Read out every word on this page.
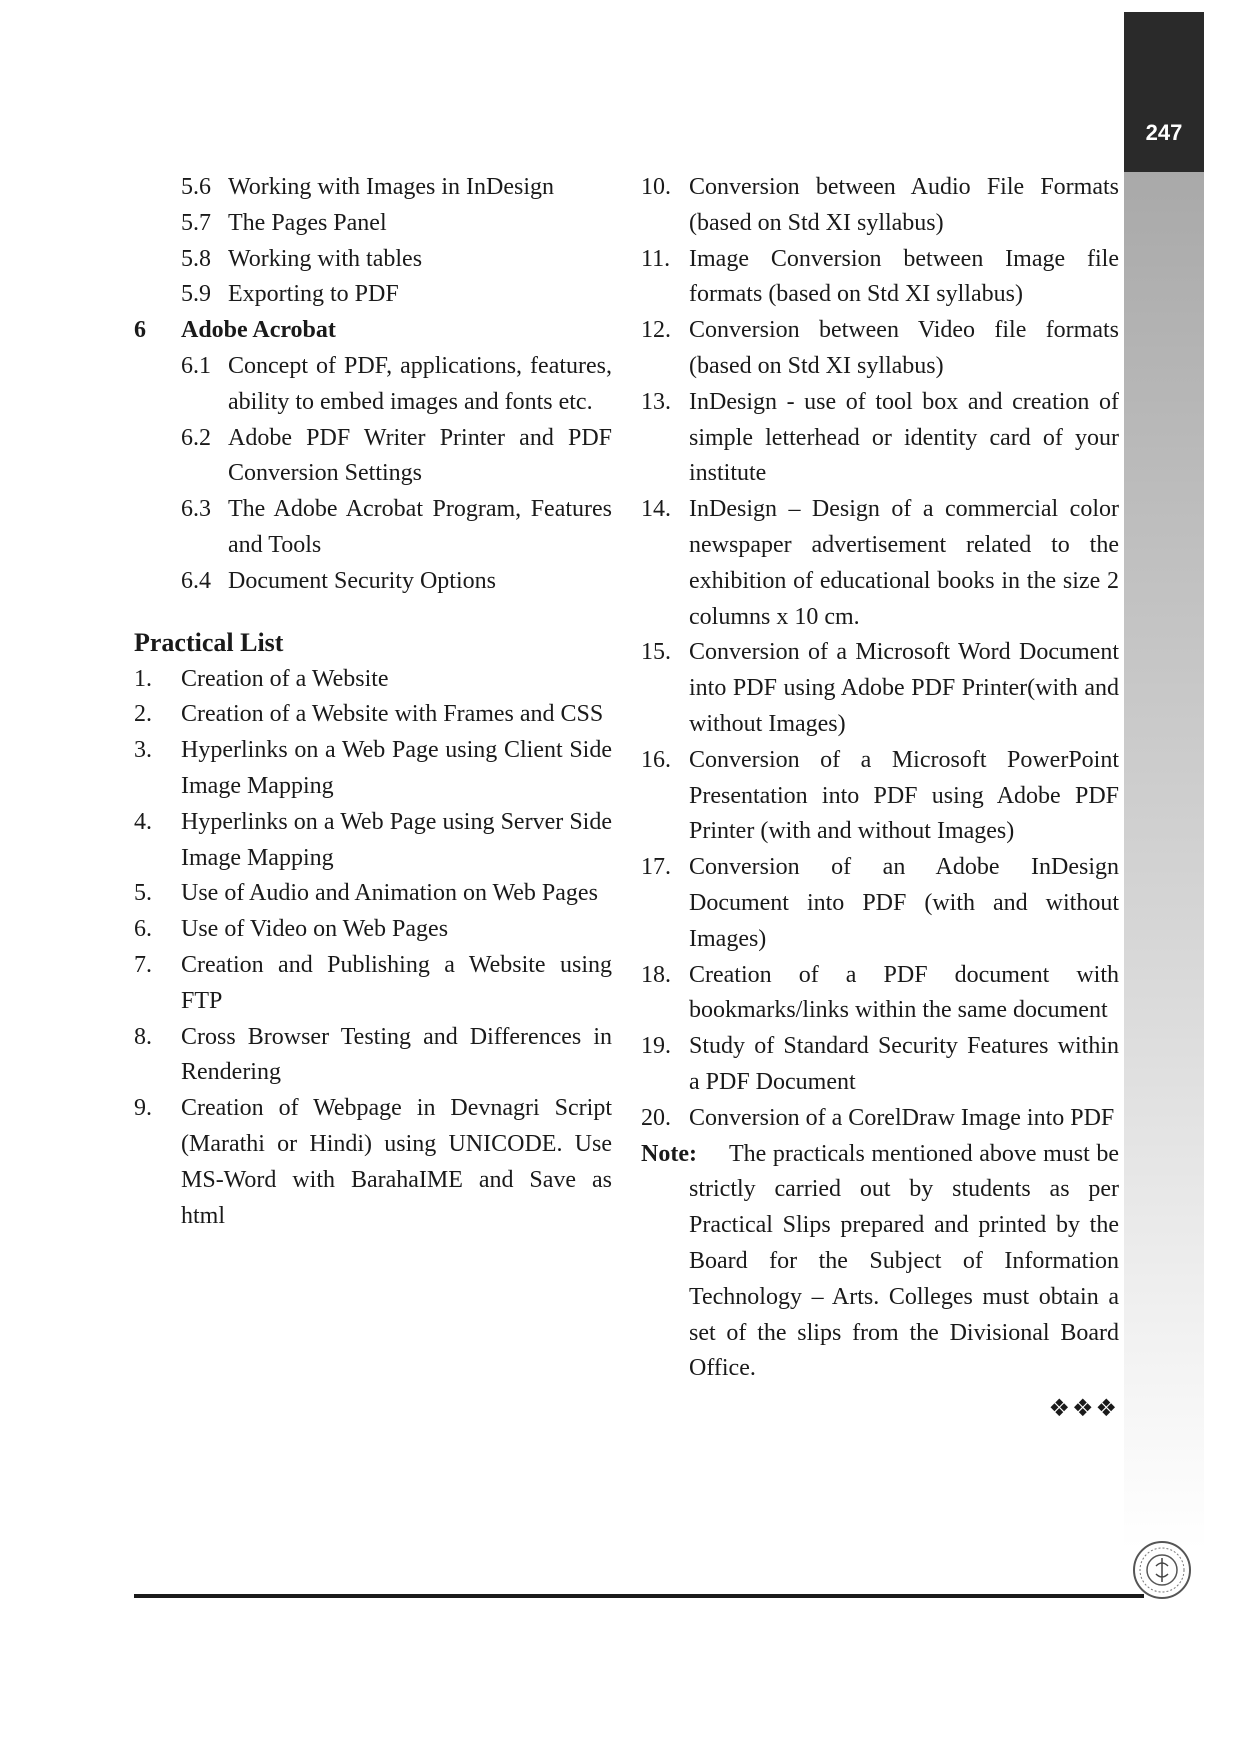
247
5.6 Working with Images in InDesign
5.7 The Pages Panel
5.8 Working with tables
5.9 Exporting to PDF
6	Adobe Acrobat
6.1 Concept of PDF, applications, features, ability to embed images and fonts etc.
6.2 Adobe PDF Writer Printer and PDF Conversion Settings
6.3 The Adobe Acrobat Program, Features and Tools
6.4 Document Security Options
Practical List
1.	Creation of a Website
2.	Creation of a Website with Frames and CSS
3.	Hyperlinks on a Web Page using Client Side Image Mapping
4.	Hyperlinks on a Web Page using Server Side Image Mapping
5.	Use of Audio and Animation on Web Pages
6.	Use of Video on Web Pages
7.	Creation and Publishing a Website using FTP
8.	Cross Browser Testing and Differences in Rendering
9.	Creation of Webpage in Devnagri Script (Marathi or Hindi) using UNICODE. Use MS-Word with BarahaIME and Save as html
10. Conversion between Audio File Formats (based on Std XI syllabus)
11. Image Conversion between Image file formats (based on Std XI syllabus)
12. Conversion between Video file formats (based on Std XI syllabus)
13. InDesign - use of tool box and creation of simple letterhead or identity card of your institute
14. InDesign – Design of a commercial color newspaper advertisement related to the exhibition of educational books in the size 2 columns x 10 cm.
15. Conversion of a Microsoft Word Document into PDF using Adobe PDF Printer(with and without Images)
16. Conversion of a Microsoft PowerPoint Presentation into PDF using Adobe PDF Printer (with and without Images)
17. Conversion of an Adobe InDesign Document into PDF (with and without Images)
18. Creation of a PDF document with bookmarks/links within the same document
19. Study of Standard Security Features within a PDF Document
20. Conversion of a CorelDraw Image into PDF
Note:	The practicals mentioned above must be strictly carried out by students as per Practical Slips prepared and printed by the Board for the Subject of Information Technology – Arts. Colleges must obtain a set of the slips from the Divisional Board Office.
❖❖❖
